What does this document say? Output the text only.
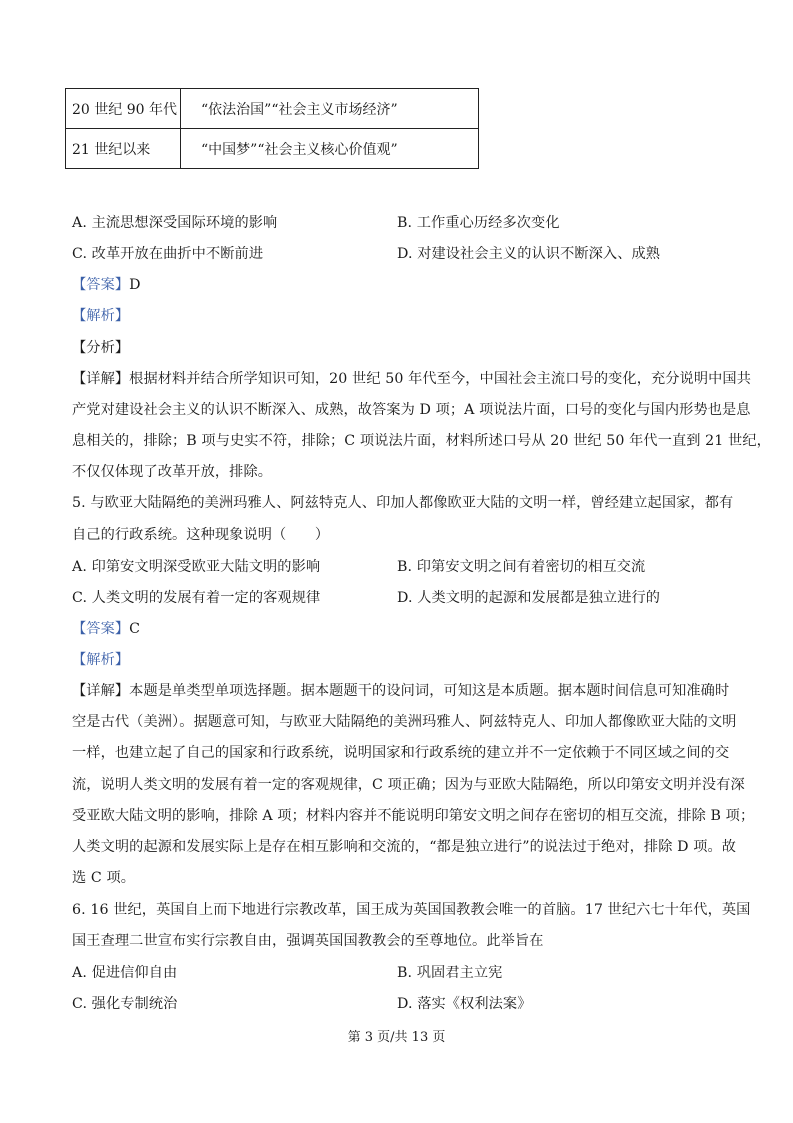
20 世纪 90 年代	“依法治国”“社会主义市场经济”
21 世纪以来	“中国梦”“社会主义核心价值观”
A. 主流思想深受国际环境的影响	B. 工作重心历经多次变化
C. 改革开放在曲折中不断前进	D. 对建设社会主义的认识不断深入、成熟
【答案】D
【解析】
【分析】
【详解】根据材料并结合所学知识可知，20 世纪 50 年代至今，中国社会主流口号的变化，充分说明中国共
产党对建设社会主义的认识不断深入、成熟，故答案为 D 项；A 项说法片面，口号的变化与国内形势也是息
息相关的，排除；B 项与史实不符，排除；C 项说法片面，材料所述口号从 20 世纪 50 年代一直到 21 世纪，
不仅仅体现了改革开放，排除。
5. 与欧亚大陆隔绝的美洲玛雅人、阿兹特克人、印加人都像欧亚大陆的文明一样，曾经建立起国家，都有
自己的行政系统。这种现象说明（　　）
A. 印第安文明深受欧亚大陆文明的影响	B. 印第安文明之间有着密切的相互交流
C. 人类文明的发展有着一定的客观规律	D. 人类文明的起源和发展都是独立进行的
【答案】C
【解析】
【详解】本题是单类型单项选择题。据本题题干的设问词，可知这是本质题。据本题时间信息可知准确时
空是古代（美洲）。据题意可知，与欧亚大陆隔绝的美洲玛雅人、阿兹特克人、印加人都像欧亚大陆的文明
一样，也建立起了自己的国家和行政系统，说明国家和行政系统的建立并不一定依赖于不同区域之间的交
流，说明人类文明的发展有着一定的客观规律，C 项正确；因为与亚欧大陆隔绝，所以印第安文明并没有深
受亚欧大陆文明的影响，排除 A 项；材料内容并不能说明印第安文明之间存在密切的相互交流，排除 B 项；
人类文明的起源和发展实际上是存在相互影响和交流的，“都是独立进行”的说法过于绝对，排除 D 项。故
选 C 项。
6. 16 世纪，英国自上而下地进行宗教改革，国王成为英国国教教会唯一的首脑。17 世纪六七十年代，英国
国王查理二世宣布实行宗教自由，强调英国国教教会的至尊地位。此举旨在
A. 促进信仰自由	B. 巩固君主立宪
C. 强化专制统治	D. 落实《权利法案》
第 3 页/共 13 页
